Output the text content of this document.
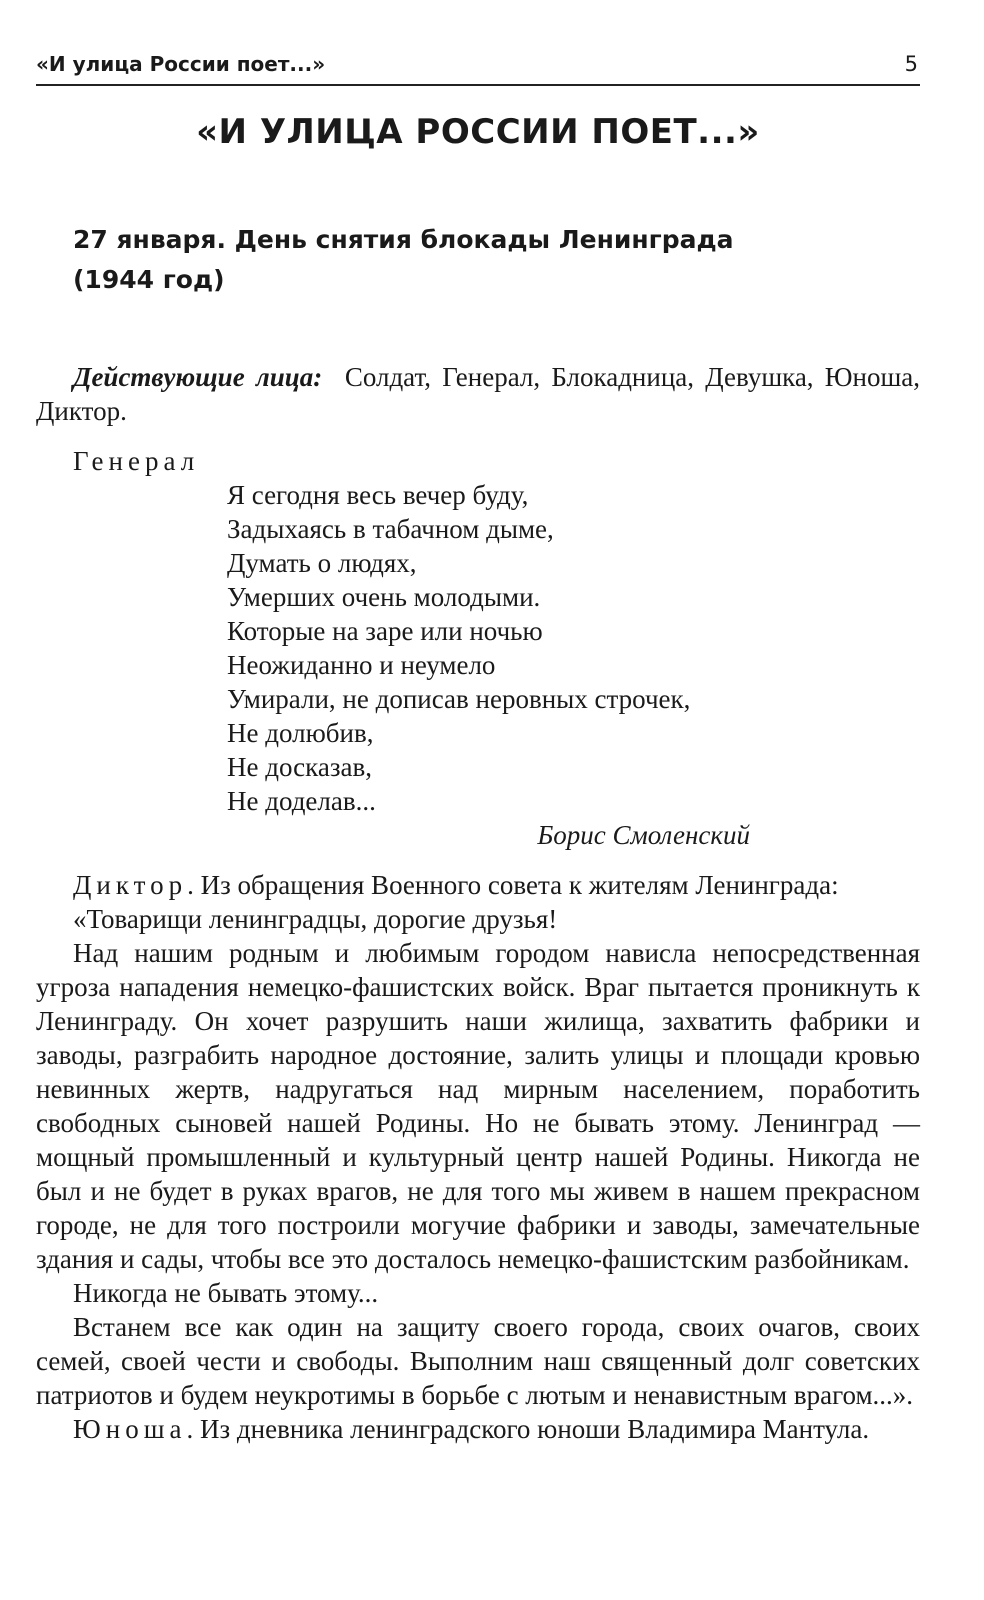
«И улица России поет...»	5
«И УЛИЦА РОССИИ ПОЕТ...»
27 января. День снятия блокады Ленинграда
(1944 год)

Действующие лица: Солдат, Генерал, Блокадница, Девушка, Юноша, Диктор.

Генерал
Я сегодня весь вечер буду,
Задыхаясь в табачном дыме,
Думать о людях,
Умерших очень молодыми.
Которые на заре или ночью
Неожиданно и неумело
Умирали, не дописав неровных строчек,
Не долюбив,
Не досказав,
Не доделав...
Борис Смоленский

Диктор. Из обращения Военного совета к жителям Ленинграда:

«Товарищи ленинградцы, дорогие друзья!

Над нашим родным и любимым городом нависла непосредственная угроза нападения немецко-фашистских войск. Враг пытается проникнуть к Ленинграду. Он хочет разрушить наши жилища, захватить фабрики и заводы, разграбить народное достояние, залить улицы и площади кровью невинных жертв, надругаться над мирным населением, поработить свободных сыновей нашей Родины. Но не бывать этому. Ленинград — мощный промышленный и культурный центр нашей Родины. Никогда не был и не будет в руках врагов, не для того мы живем в нашем прекрасном городе, не для того построили могучие фабрики и заводы, замечательные здания и сады, чтобы все это досталось немецко-фашистским разбойникам.

Никогда не бывать этому...

Встанем все как один на защиту своего города, своих очагов, своих семей, своей чести и свободы. Выполним наш священный долг советских патриотов и будем неукротимы в борьбе с лютым и ненавистным врагом...».

Юноша. Из дневника ленинградского юноши Владимира Мантула.
